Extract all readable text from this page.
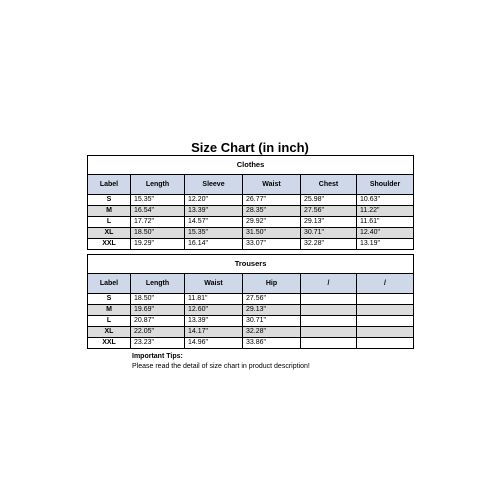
Size Chart (in inch)
Clothes					
Label	Length	Sleeve	Waist	Chest	Shoulder
S	15.35"	12.20"	26.77"	25.98"	10.63"
M	16.54"	13.39"	28.35"	27.56"	11.22"
L	17.72"	14.57"	29.92"	29.13"	11.61"
XL	18.50"	15.35"	31.50"	30.71"	12.40"
XXL	19.29"	16.14"	33.07"	32.28"	13.19"
Trousers					
Label	Length	Waist	Hip	/	/
S	18.50"	11.81"	27.56"		
M	19.69"	12.60"	29.13"		
L	20.87"	13.39"	30.71"		
XL	22.05"	14.17"	32.28"		
XXL	23.23"	14.96"	33.86"		
Important Tips:
Please read the detail of size chart in product description!
